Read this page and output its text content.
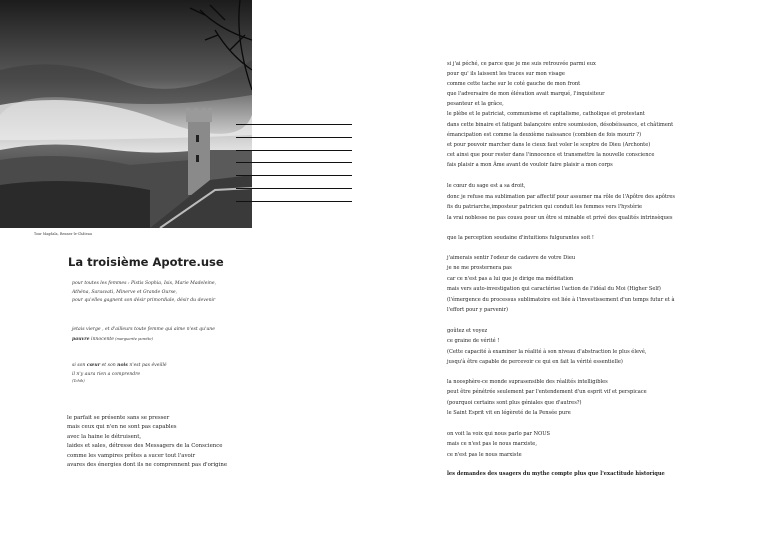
Tour Magdala, Rennes-le-Château
La troisième Apotre.use
pour toutes les femmes : Pistis Sophia, Isis, Marie Madeleine,
Athéna, Sarasvati, Minerve et Grande Ourse,
pour qu'elles gagnent son désir primordiale, désir du devenir
jetais vierge , et d'ailleurs toute femme qui aime n'est qu'une
pauvre innocente (marguerite porette)
si son cœur et son nois n'est pas éveillé
il n'y aura rien a comprendre
(Tchih)
le parfait se présente sans se presser
mais ceux qui n'en ne sont pas capables
avec la haine le détruisent,
laides et sales, détresse des Messagers de la Conscience
comme les vampires prêtes a sucer tout l'avoir
avares des énergies dont ils ne comprennent pas d'origine
si j'ai péché, ce parce que je me suis retrouvée parmi eux
pour qu' ils laissent les traces sur mon visage
comme cette tache sur le coté gauche de mon front
que l'adversaire de mon élévation avait marqué, l'inquisiteur
pesanteur et la grâce,
le plèbe et le patriciat, communisme et capitalisme, catholique et protestant
dans cette binaire et fatigant balançoire entre soumission, désobéissance, et châtiment
émancipation est comme la deuxième naissance (combien de fois mourir ?)
et pour pouvoir marcher dans le cieux faut voler le sceptre de Dieu (Archonte)
cet ainsi que pour rester dans l'innocence et transmettre la nouvelle conscience
fais plaisir a mon Âme avant de vouloir faire plaisir a mon corps
le cœur du sage est a sa droit,
donc je refuse ma sublimation par affectif pour assumer ma rôle de l'Apôtre des apôtres
fis du patriarche,imposteur patricien qui conduit les femmes vers l'hystérie
la vrai noblesse ne pas cousu pour un être si minable et privé des qualités intrinsèques
que la perception soudaine d'intuitions fulgurantes soit !
j'aimerais sentir l'odeur de cadavre de votre Dieu
je ne me prosternera pas
car ce n'est pas a lui que je dirige ma méditation
mais vers auto-investigation qui caractérise l'action de l'idéal du Moi (Higher Self)
(l'émergence du processus sublimatoire est liée à l'investissement d'un temps futur et à
l'effort pour y parvenir)
goûtez et voyez
ce graine de vérité !
(Cette capacité à examiner la réalité à son niveau d'abstraction le plus élevé,
jusqu'à être capable de percevoir ce qui en fait la vérité essentielle)
la noosphère-ce monde suprasensible des réalités intelligibles
peut être pénétrée seulement par l'entendement d'un esprit vif et perspicace
(pourquoi certains sont plus géniales que d'autres?)
le Saint Esprit vit en légèreté de la Pensée pure
on voit la voix qui nous parlo par NOUS
mais ce n'est pas le nous marxiste,
ce n'est pas le nous marxiste
les demandes des usagers du mythe compte plus que l'exactitude historique
